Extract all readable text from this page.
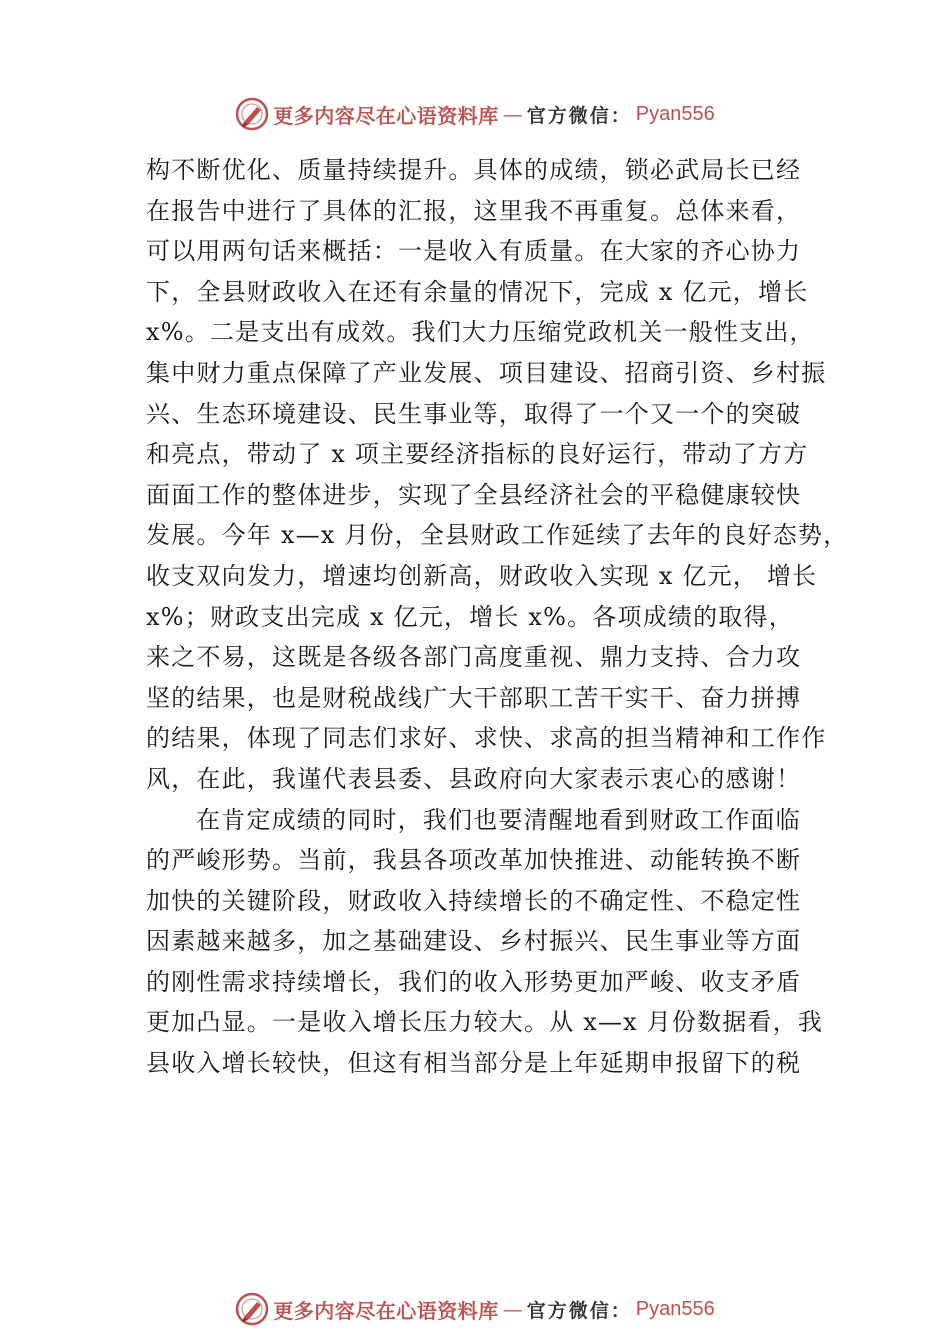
更多内容尽在心语资料库 — 官方微信： Pyan556
构不断优化、质量持续提升。具体的成绩，锁必武局长已经
在报告中进行了具体的汇报，这里我不再重复。总体来看，
可以用两句话来概括：一是收入有质量。在大家的齐心协力
下，全县财政收入在还有余量的情况下，完成 x 亿元，增长
x%。二是支出有成效。我们大力压缩党政机关一般性支出，
集中财力重点保障了产业发展、项目建设、招商引资、乡村振
兴、生态环境建设、民生事业等，取得了一个又一个的突破
和亮点，带动了 x 项主要经济指标的良好运行，带动了方方
面面工作的整体进步，实现了全县经济社会的平稳健康较快
发展。今年 x—x 月份，全县财政工作延续了去年的良好态势，
收支双向发力，增速均创新高，财政收入实现 x 亿元， 增长
x%；财政支出完成 x 亿元，增长 x%。各项成绩的取得，
来之不易，这既是各级各部门高度重视、鼎力支持、合力攻
坚的结果，也是财税战线广大干部职工苦干实干、奋力拼搏
的结果，体现了同志们求好、求快、求高的担当精神和工作作
风，在此，我谨代表县委、县政府向大家表示衷心的感谢！
在肯定成绩的同时，我们也要清醒地看到财政工作面临
的严峻形势。当前，我县各项改革加快推进、动能转换不断
加快的关键阶段，财政收入持续增长的不确定性、不稳定性
因素越来越多，加之基础建设、乡村振兴、民生事业等方面
的刚性需求持续增长，我们的收入形势更加严峻、收支矛盾
更加凸显。一是收入增长压力较大。从 x—x 月份数据看，我
县收入增长较快，但这有相当部分是上年延期申报留下的税
更多内容尽在心语资料库 — 官方微信： Pyan556
